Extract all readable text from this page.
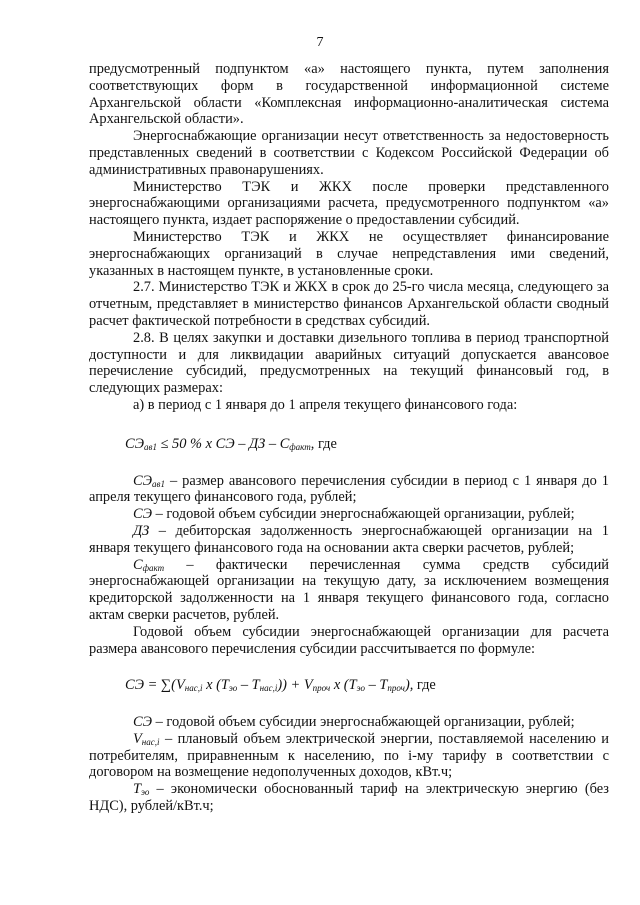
7

предусмотренный подпунктом «а» настоящего пункта, путем заполнения соответствующих форм в государственной информационной системе Архангельской области «Комплексная информационно-аналитическая система Архангельской области».

Энергоснабжающие организации несут ответственность за недостоверность представленных сведений в соответствии с Кодексом Российской Федерации об административных правонарушениях.

Министерство ТЭК и ЖКХ после проверки представленного энергоснабжающими организациями расчета, предусмотренного подпунктом «а» настоящего пункта, издает распоряжение о предоставлении субсидий.

Министерство ТЭК и ЖКХ не осуществляет финансирование энергоснабжающих организаций в случае непредставления ими сведений, указанных в настоящем пункте, в установленные сроки.

2.7. Министерство ТЭК и ЖКХ в срок до 25-го числа месяца, следующего за отчетным, представляет в министерство финансов Архангельской области сводный расчет фактической потребности в средствах субсидий.

2.8. В целях закупки и доставки дизельного топлива в период транспортной доступности и для ликвидации аварийных ситуаций допускается авансовое перечисление субсидий, предусмотренных на текущий финансовый год, в следующих размерах:

а) в период с 1 января до 1 апреля текущего финансового года:

$СЭ_{ав1} \le 50$ % х СЭ – ДЗ – $С_{факт}$, где

$СЭ_{ав1}$ – размер авансового перечисления субсидии в период с 1 января до 1 апреля текущего финансового года, рублей;

СЭ – годовой объем субсидии энергоснабжающей организации, рублей;

ДЗ – дебиторская задолженность энергоснабжающей организации на 1 января текущего финансового года на основании акта сверки расчетов, рублей;

$С_{факт}$ – фактически перечисленная сумма средств субсидий энергоснабжающей организации на текущую дату, за исключением возмещения кредиторской задолженности на 1 января текущего финансового года, согласно актам сверки расчетов, рублей.

Годовой объем субсидии энергоснабжающей организации для расчета размера авансового перечисления субсидии рассчитывается по формуле:

СЭ = $\sum(V_{нас,i}$ х $(Т_{эо} - Т_{нас,i})) + V_{проч}$ х $(Т_{эо} - Т_{проч})$, где

СЭ – годовой объем субсидии энергоснабжающей организации, рублей;

$V_{нас,i}$ – плановый объем электрической энергии, поставляемой населению и потребителям, приравненным к населению, по i-му тарифу в соответствии с договором на возмещение недополученных доходов, кВт.ч;

$Т_{эо}$ – экономически обоснованный тариф на электрическую энергию (без НДС), рублей/кВт.ч;
